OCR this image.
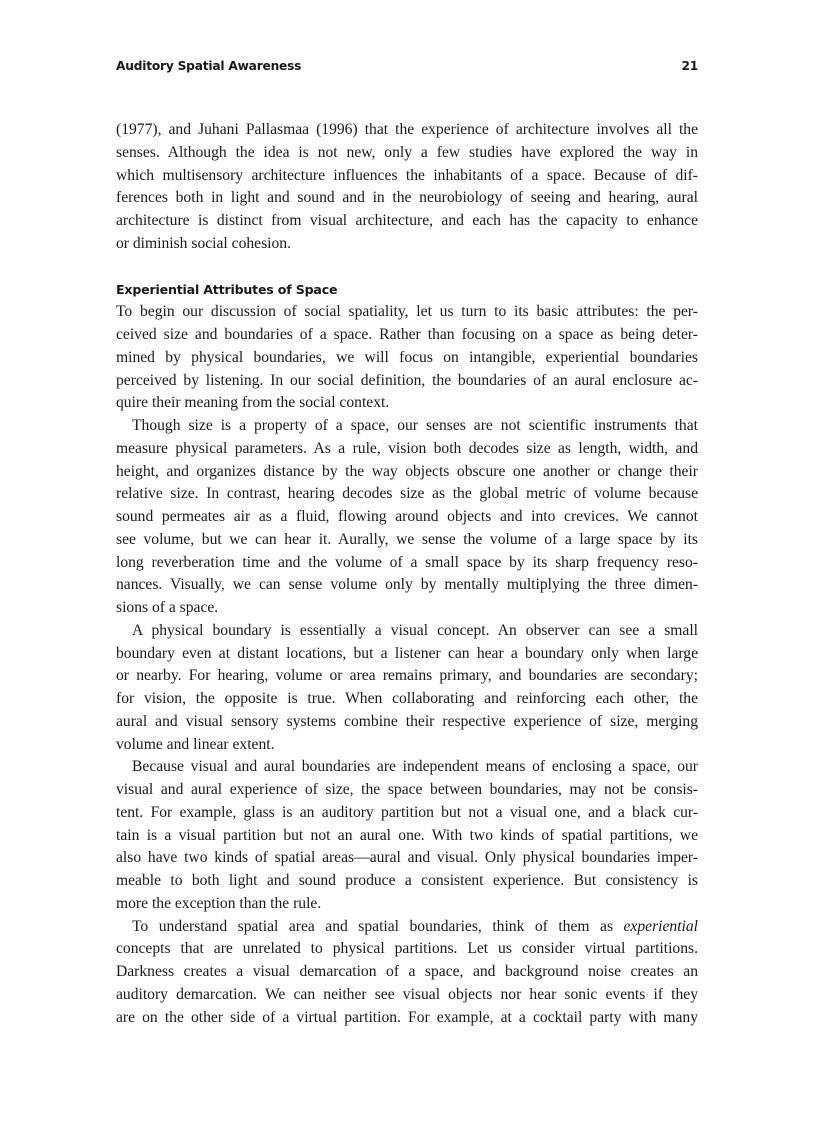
Auditory Spatial Awareness	21

(1977), and Juhani Pallasmaa (1996) that the experience of architecture involves all the
senses. Although the idea is not new, only a few studies have explored the way in
which multisensory architecture influences the inhabitants of a space. Because of dif-
ferences both in light and sound and in the neurobiology of seeing and hearing, aural
architecture is distinct from visual architecture, and each has the capacity to enhance
or diminish social cohesion.

Experiential Attributes of Space

To begin our discussion of social spatiality, let us turn to its basic attributes: the per-
ceived size and boundaries of a space. Rather than focusing on a space as being deter-
mined by physical boundaries, we will focus on intangible, experiential boundaries
perceived by listening. In our social definition, the boundaries of an aural enclosure ac-
quire their meaning from the social context.

Though size is a property of a space, our senses are not scientific instruments that
measure physical parameters. As a rule, vision both decodes size as length, width, and
height, and organizes distance by the way objects obscure one another or change their
relative size. In contrast, hearing decodes size as the global metric of volume because
sound permeates air as a fluid, flowing around objects and into crevices. We cannot
see volume, but we can hear it. Aurally, we sense the volume of a large space by its
long reverberation time and the volume of a small space by its sharp frequency reso-
nances. Visually, we can sense volume only by mentally multiplying the three dimen-
sions of a space.

A physical boundary is essentially a visual concept. An observer can see a small
boundary even at distant locations, but a listener can hear a boundary only when large
or nearby. For hearing, volume or area remains primary, and boundaries are secondary;
for vision, the opposite is true. When collaborating and reinforcing each other, the
aural and visual sensory systems combine their respective experience of size, merging
volume and linear extent.

Because visual and aural boundaries are independent means of enclosing a space, our
visual and aural experience of size, the space between boundaries, may not be consis-
tent. For example, glass is an auditory partition but not a visual one, and a black cur-
tain is a visual partition but not an aural one. With two kinds of spatial partitions, we
also have two kinds of spatial areas—aural and visual. Only physical boundaries imper-
meable to both light and sound produce a consistent experience. But consistency is
more the exception than the rule.

To understand spatial area and spatial boundaries, think of them as experiential
concepts that are unrelated to physical partitions. Let us consider virtual partitions.
Darkness creates a visual demarcation of a space, and background noise creates an
auditory demarcation. We can neither see visual objects nor hear sonic events if they
are on the other side of a virtual partition. For example, at a cocktail party with many
